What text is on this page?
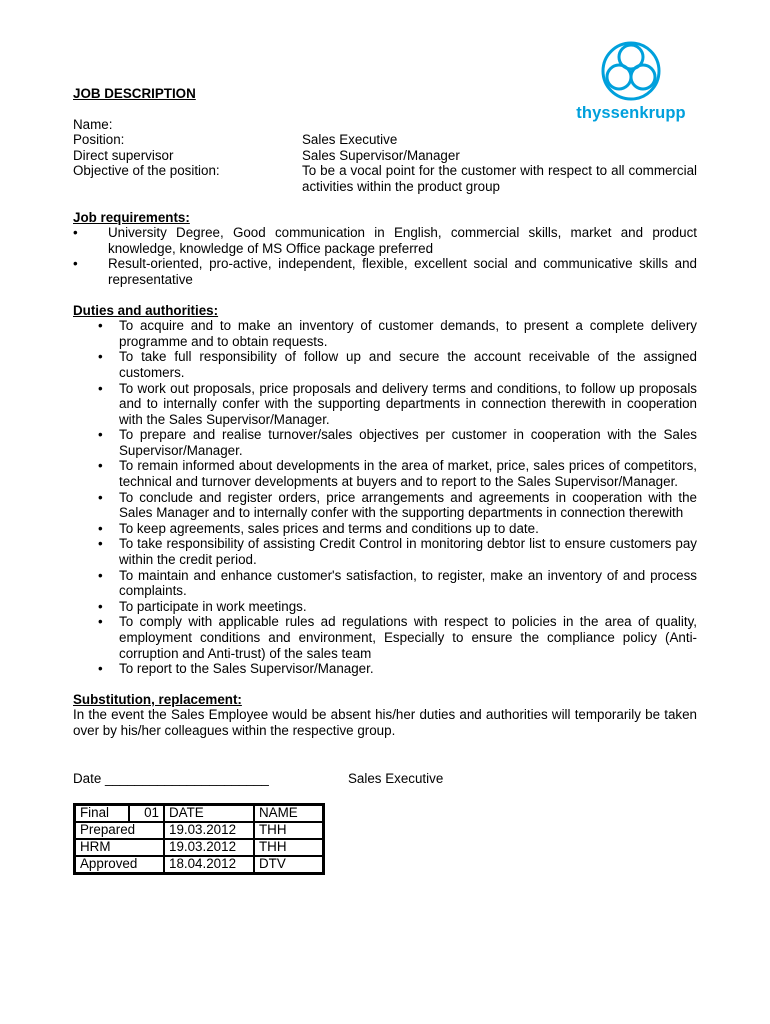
thyssenkrupp
JOB DESCRIPTION
Name:
Position:	Sales Executive
Direct supervisor	Sales Supervisor/Manager
Objective of the position:	To be a vocal point for the customer with respect to all commercial activities within the product group
Job requirements:
• University Degree, Good communication in English, commercial skills, market and product knowledge, knowledge of MS Office package preferred
• Result-oriented, pro-active, independent, flexible, excellent social and communicative skills and representative
Duties and authorities:
• To acquire and to make an inventory of customer demands, to present a complete delivery programme and to obtain requests.
• To take full responsibility of follow up and secure the account receivable of the assigned customers.
• To work out proposals, price proposals and delivery terms and conditions, to follow up proposals and to internally confer with the supporting departments in connection therewith in cooperation with the Sales Supervisor/Manager.
• To prepare and realise turnover/sales objectives per customer in cooperation with the Sales Supervisor/Manager.
• To remain informed about developments in the area of market, price, sales prices of competitors, technical and turnover developments at buyers and to report to the Sales Supervisor/Manager.
• To conclude and register orders, price arrangements and agreements in cooperation with the Sales Manager and to internally confer with the supporting departments in connection therewith
• To keep agreements, sales prices and terms and conditions up to date.
• To take responsibility of assisting Credit Control in monitoring debtor list to ensure customers pay within the credit period.
• To maintain and enhance customer's satisfaction, to register, make an inventory of and process complaints.
• To participate in work meetings.
• To comply with applicable rules ad regulations with respect to policies in the area of quality, employment conditions and environment, Especially to ensure the compliance policy (Anti-corruption and Anti-trust) of the sales team
• To report to the Sales Supervisor/Manager.
Substitution, replacement:
In the event the Sales Employee would be absent his/her duties and authorities will temporarily be taken over by his/her colleagues within the respective group.
Date ______________________	Sales Executive
Final	01	DATE	NAME
Prepared		19.03.2012	THH
HRM		19.03.2012	THH
Approved		18.04.2012	DTV
